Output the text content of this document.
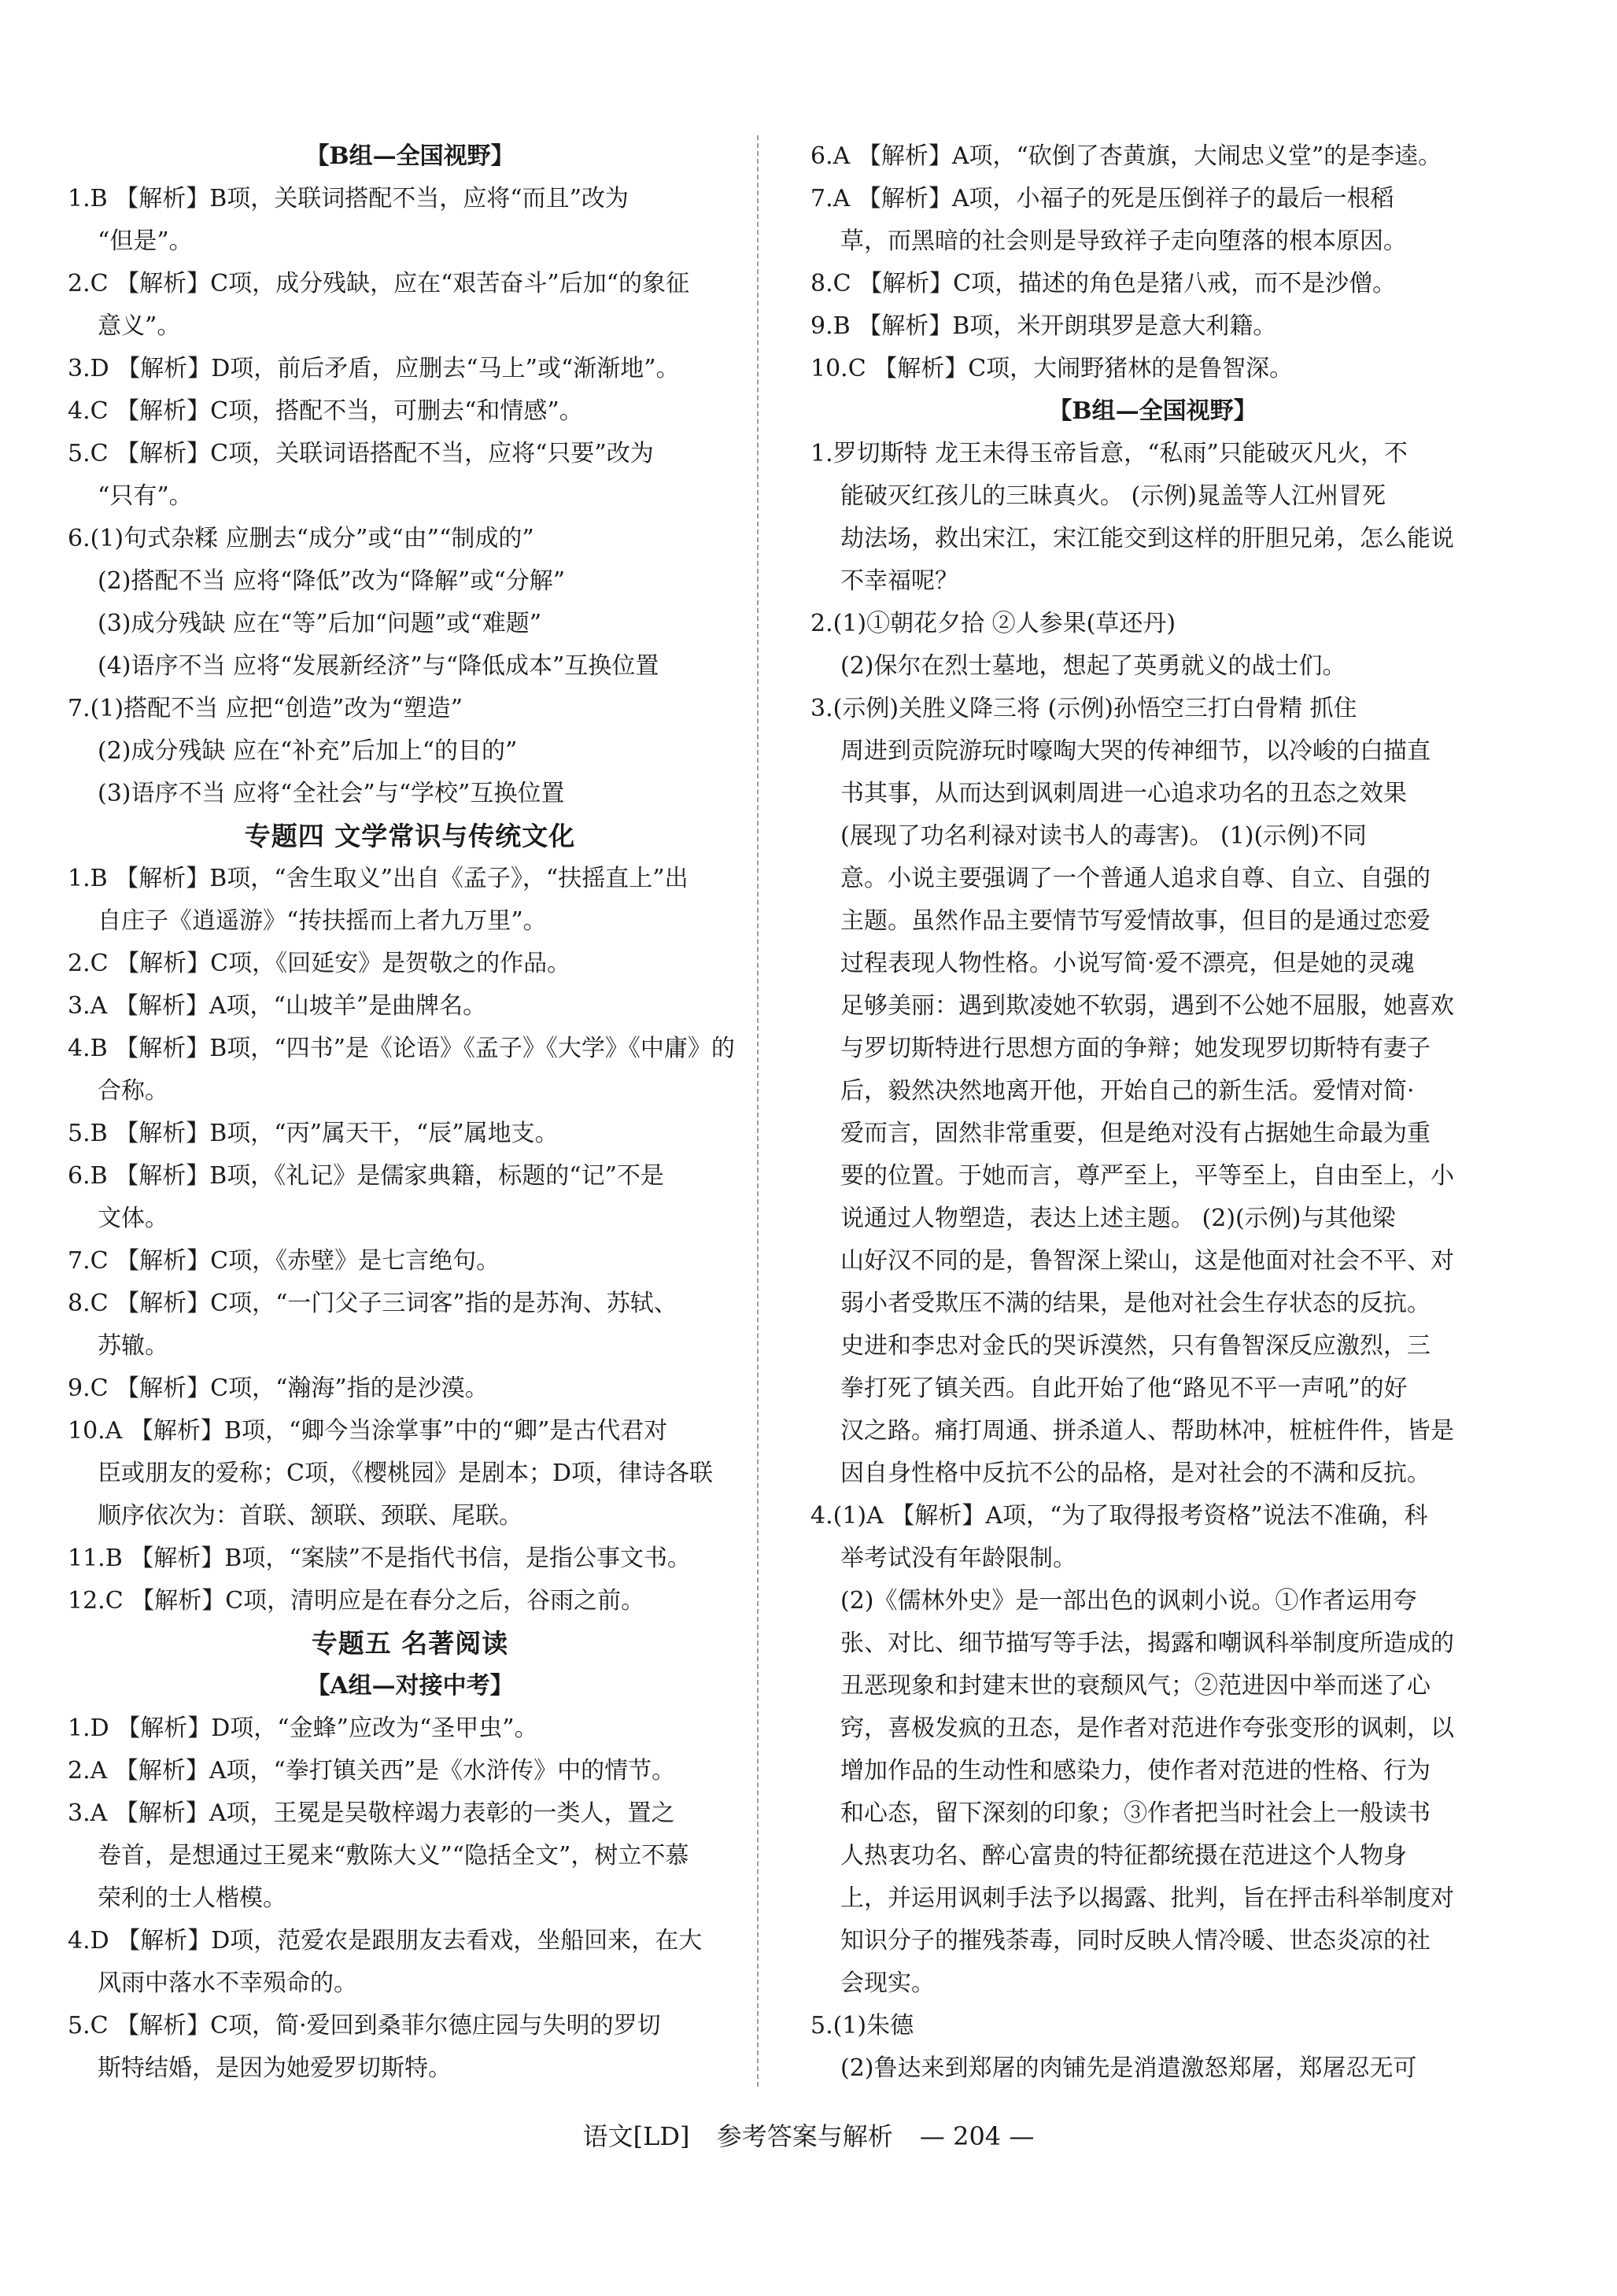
【B组—全国视野】
1.B 【解析】B项，关联词搭配不当，应将“而且”改为
“但是”。
2.C 【解析】C项，成分残缺，应在“艰苦奋斗”后加“的象征
意义”。
3.D 【解析】D项，前后矛盾，应删去“马上”或“渐渐地”。
4.C 【解析】C项，搭配不当，可删去“和情感”。
5.C 【解析】C项，关联词语搭配不当，应将“只要”改为
“只有”。
6.(1)句式杂糅 应删去“成分”或“由”“制成的”
(2)搭配不当 应将“降低”改为“降解”或“分解”
(3)成分残缺 应在“等”后加“问题”或“难题”
(4)语序不当 应将“发展新经济”与“降低成本”互换位置
7.(1)搭配不当 应把“创造”改为“塑造”
(2)成分残缺 应在“补充”后加上“的目的”
(3)语序不当 应将“全社会”与“学校”互换位置
专题四 文学常识与传统文化
1.B 【解析】B项，“舍生取义”出自《孟子》，“扶摇直上”出
自庄子《逍遥游》“抟扶摇而上者九万里”。
2.C 【解析】C项，《回延安》是贺敬之的作品。
3.A 【解析】A项，“山坡羊”是曲牌名。
4.B 【解析】B项，“四书”是《论语》《孟子》《大学》《中庸》的
合称。
5.B 【解析】B项，“丙”属天干，“辰”属地支。
6.B 【解析】B项，《礼记》是儒家典籍，标题的“记”不是
文体。
7.C 【解析】C项，《赤壁》是七言绝句。
8.C 【解析】C项，“一门父子三词客”指的是苏洵、苏轼、
苏辙。
9.C 【解析】C项，“瀚海”指的是沙漠。
10.A 【解析】B项，“卿今当涂掌事”中的“卿”是古代君对
臣或朋友的爱称；C项，《樱桃园》是剧本；D项，律诗各联
顺序依次为：首联、颔联、颈联、尾联。
11.B 【解析】B项，“案牍”不是指代书信，是指公事文书。
12.C 【解析】C项，清明应是在春分之后，谷雨之前。
专题五 名著阅读
【A组—对接中考】
1.D 【解析】D项，“金蜂”应改为“圣甲虫”。
2.A 【解析】A项，“拳打镇关西”是《水浒传》中的情节。
3.A 【解析】A项，王冕是吴敬梓竭力表彰的一类人，置之
卷首，是想通过王冕来“敷陈大义”“隐括全文”，树立不慕
荣利的士人楷模。
4.D 【解析】D项，范爱农是跟朋友去看戏，坐船回来，在大
风雨中落水不幸殒命的。
5.C 【解析】C项，简·爱回到桑菲尔德庄园与失明的罗切
斯特结婚，是因为她爱罗切斯特。
6.A 【解析】A项，“砍倒了杏黄旗，大闹忠义堂”的是李逵。
7.A 【解析】A项，小福子的死是压倒祥子的最后一根稻
草，而黑暗的社会则是导致祥子走向堕落的根本原因。
8.C 【解析】C项，描述的角色是猪八戒，而不是沙僧。
9.B 【解析】B项，米开朗琪罗是意大利籍。
10.C 【解析】C项，大闹野猪林的是鲁智深。
【B组—全国视野】
1.罗切斯特 龙王未得玉帝旨意，“私雨”只能破灭凡火，不
能破灭红孩儿的三昧真火。 (示例)晁盖等人江州冒死
劫法场，救出宋江，宋江能交到这样的肝胆兄弟，怎么能说
不幸福呢？
2.(1)①朝花夕拾 ②人参果(草还丹)
(2)保尔在烈士墓地，想起了英勇就义的战士们。
3.(示例)关胜义降三将 (示例)孙悟空三打白骨精 抓住
周进到贡院游玩时嚎啕大哭的传神细节，以冷峻的白描直
书其事，从而达到讽刺周进一心追求功名的丑态之效果
(展现了功名利禄对读书人的毒害)。 (1)(示例)不同
意。小说主要强调了一个普通人追求自尊、自立、自强的
主题。虽然作品主要情节写爱情故事，但目的是通过恋爱
过程表现人物性格。小说写简·爱不漂亮，但是她的灵魂
足够美丽：遇到欺凌她不软弱，遇到不公她不屈服，她喜欢
与罗切斯特进行思想方面的争辩；她发现罗切斯特有妻子
后，毅然决然地离开他，开始自己的新生活。爱情对简·
爱而言，固然非常重要，但是绝对没有占据她生命最为重
要的位置。于她而言，尊严至上，平等至上，自由至上，小
说通过人物塑造，表达上述主题。 (2)(示例)与其他梁
山好汉不同的是，鲁智深上梁山，这是他面对社会不平、对
弱小者受欺压不满的结果，是他对社会生存状态的反抗。
史进和李忠对金氏的哭诉漠然，只有鲁智深反应激烈，三
拳打死了镇关西。自此开始了他“路见不平一声吼”的好
汉之路。痛打周通、拼杀道人、帮助林冲，桩桩件件，皆是
因自身性格中反抗不公的品格，是对社会的不满和反抗。
4.(1)A 【解析】A项，“为了取得报考资格”说法不准确，科
举考试没有年龄限制。
(2)《儒林外史》是一部出色的讽刺小说。①作者运用夸
张、对比、细节描写等手法，揭露和嘲讽科举制度所造成的
丑恶现象和封建末世的衰颓风气；②范进因中举而迷了心
窍，喜极发疯的丑态，是作者对范进作夸张变形的讽刺，以
增加作品的生动性和感染力，使作者对范进的性格、行为
和心态，留下深刻的印象；③作者把当时社会上一般读书
人热衷功名、醉心富贵的特征都统摄在范进这个人物身
上，并运用讽刺手法予以揭露、批判，旨在抨击科举制度对
知识分子的摧残荼毒，同时反映人情冷暖、世态炎凉的社
会现实。
5.(1)朱德
(2)鲁达来到郑屠的肉铺先是消遣激怒郑屠，郑屠忍无可
语文[LD] 参考答案与解析 — 204 —
